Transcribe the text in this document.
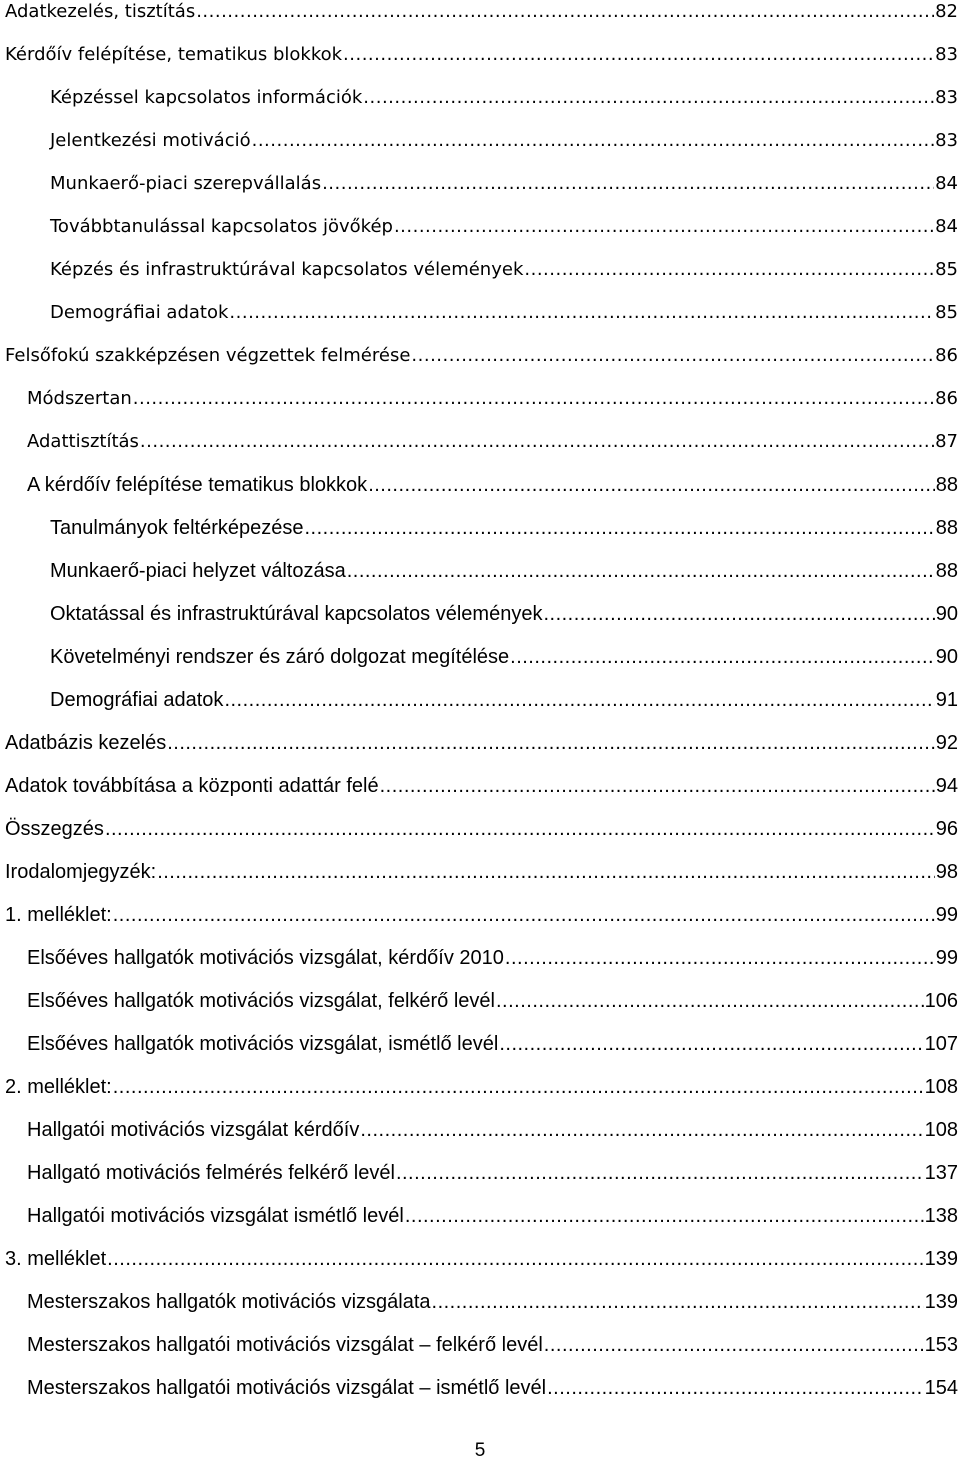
Adatkezelés, tisztítás .....	82
Kérdőív felépítése, tematikus blokkok .....	83
Képzéssel kapcsolatos információk .....	83
Jelentkezési motiváció .....	83
Munkaerő-piaci szerepvállalás .....	84
Továbbtanulással kapcsolatos jövőkép .....	84
Képzés és infrastruktúrával kapcsolatos vélemények .....	85
Demográfiai adatok .....	85
Felsőfokú szakképzésen végzettek felmérése .....	86
Módszertan .....	86
Adattisztítás .....	87
A kérdőív felépítése tematikus blokkok .....	88
Tanulmányok feltérképezése .....	88
Munkaerő-piaci helyzet változása .....	88
Oktatással és infrastruktúrával kapcsolatos vélemények .....	90
Követelményi rendszer és záró dolgozat megítélése .....	90
Demográfiai adatok .....	91
Adatbázis kezelés .....	92
Adatok továbbítása a központi adattár felé .....	94
Összegzés .....	96
Irodalomjegyzék: .....	98
1. melléklet: .....	99
Elsőéves hallgatók motivációs vizsgálat, kérdőív 2010 .....	99
Elsőéves hallgatók motivációs vizsgálat, felkérő levél .....	106
Elsőéves hallgatók motivációs vizsgálat, ismétlő levél .....	107
2. melléklet: .....	108
Hallgatói motivációs vizsgálat kérdőív .....	108
Hallgató motivációs felmérés felkérő levél .....	137
Hallgatói motivációs vizsgálat ismétlő levél .....	138
3. melléklet .....	139
Mesterszakos hallgatók motivációs vizsgálata .....	139
Mesterszakos hallgatói motivációs vizsgálat – felkérő levél .....	153
Mesterszakos hallgatói motivációs vizsgálat – ismétlő levél .....	154
5
